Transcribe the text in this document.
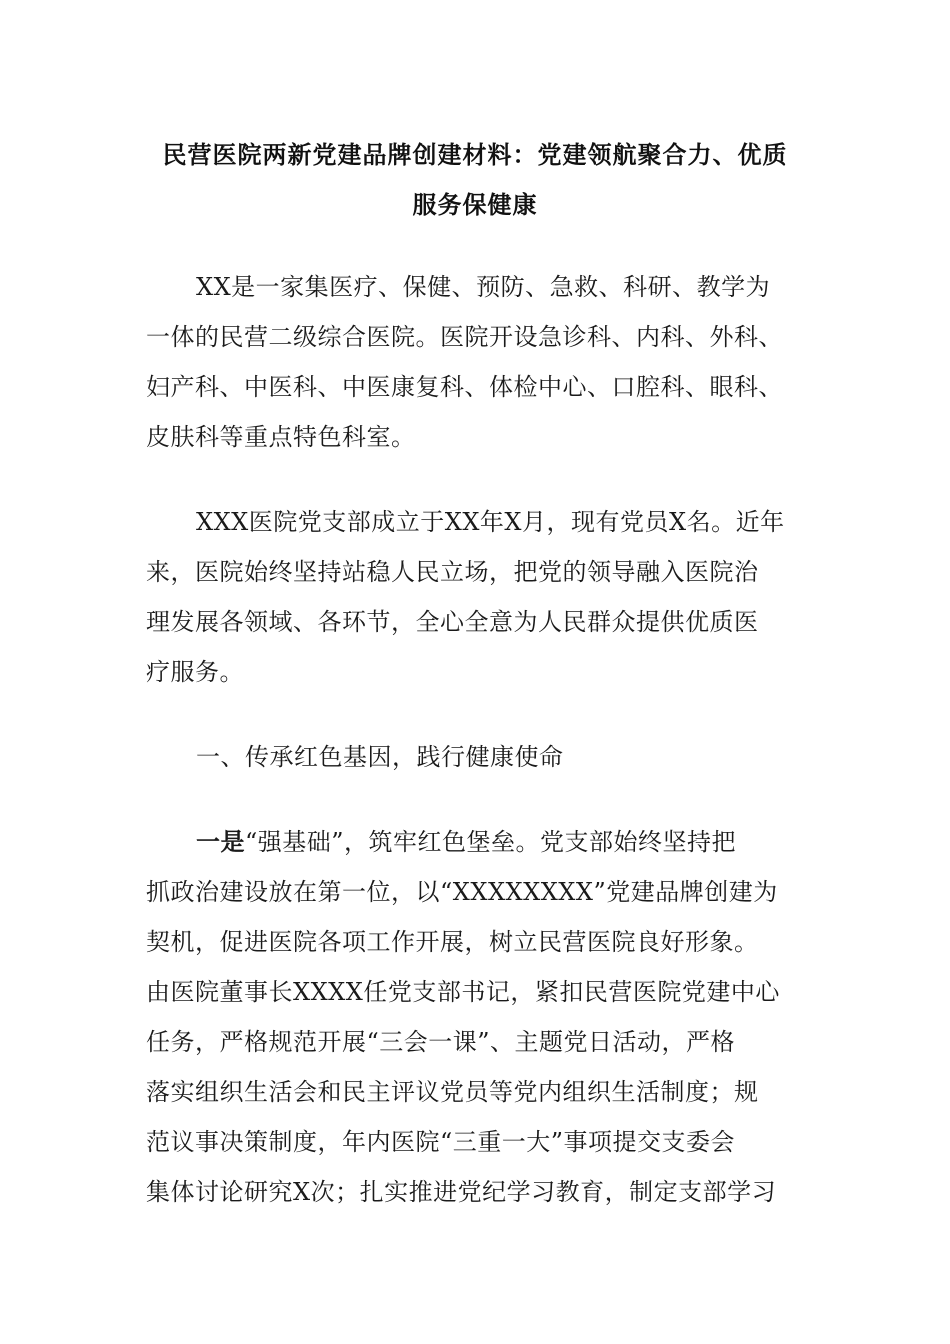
民营医院两新党建品牌创建材料：党建领航聚合力、优质
服务保健康
XX是一家集医疗、保健、预防、急救、科研、教学为
一体的民营二级综合医院。医院开设急诊科、内科、外科、
妇产科、中医科、中医康复科、体检中心、口腔科、眼科、
皮肤科等重点特色科室。
XXX医院党支部成立于XX年X月，现有党员X名。近年
来，医院始终坚持站稳人民立场，把党的领导融入医院治
理发展各领域、各环节，全心全意为人民群众提供优质医
疗服务。
一、传承红色基因，践行健康使命
一是“强基础”，筑牢红色堡垒。党支部始终坚持把
抓政治建设放在第一位，以“XXXXXXXX”党建品牌创建为
契机，促进医院各项工作开展，树立民营医院良好形象。
由医院董事长XXXX任党支部书记，紧扣民营医院党建中心
任务，严格规范开展“三会一课”、主题党日活动，严格
落实组织生活会和民主评议党员等党内组织生活制度；规
范议事决策制度，年内医院“三重一大”事项提交支委会
集体讨论研究X次；扎实推进党纪学习教育，制定支部学习
